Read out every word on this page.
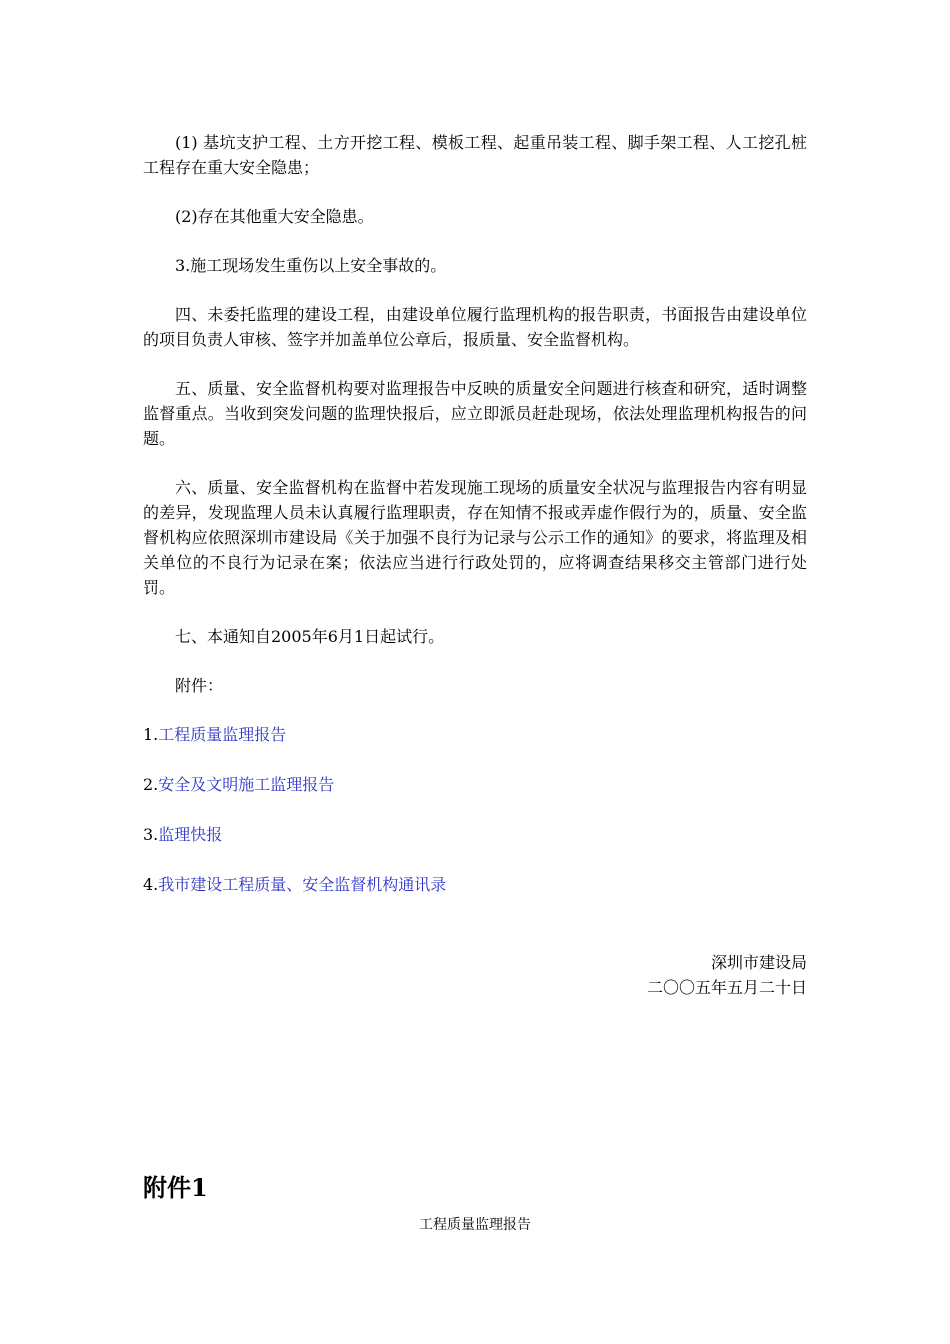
(1) 基坑支护工程、土方开挖工程、模板工程、起重吊装工程、脚手架工程、人工挖孔桩工程存在重大安全隐患；

(2)存在其他重大安全隐患。

3.施工现场发生重伤以上安全事故的。

四、未委托监理的建设工程，由建设单位履行监理机构的报告职责，书面报告由建设单位的项目负责人审核、签字并加盖单位公章后，报质量、安全监督机构。

五、质量、安全监督机构要对监理报告中反映的质量安全问题进行核查和研究，适时调整监督重点。当收到突发问题的监理快报后，应立即派员赶赴现场，依法处理监理机构报告的问题。

六、质量、安全监督机构在监督中若发现施工现场的质量安全状况与监理报告内容有明显的差异，发现监理人员未认真履行监理职责，存在知情不报或弄虚作假行为的，质量、安全监督机构应依照深圳市建设局《关于加强不良行为记录与公示工作的通知》的要求，将监理及相关单位的不良行为记录在案；依法应当进行行政处罚的，应将调查结果移交主管部门进行处罚。

七、本通知自2005年6月1日起试行。

附件：

1.工程质量监理报告
2.安全及文明施工监理报告
3.监理快报
4.我市建设工程质量、安全监督机构通讯录
深圳市建设局
二〇〇五年五月二十日
附件1
工程质量监理报告
